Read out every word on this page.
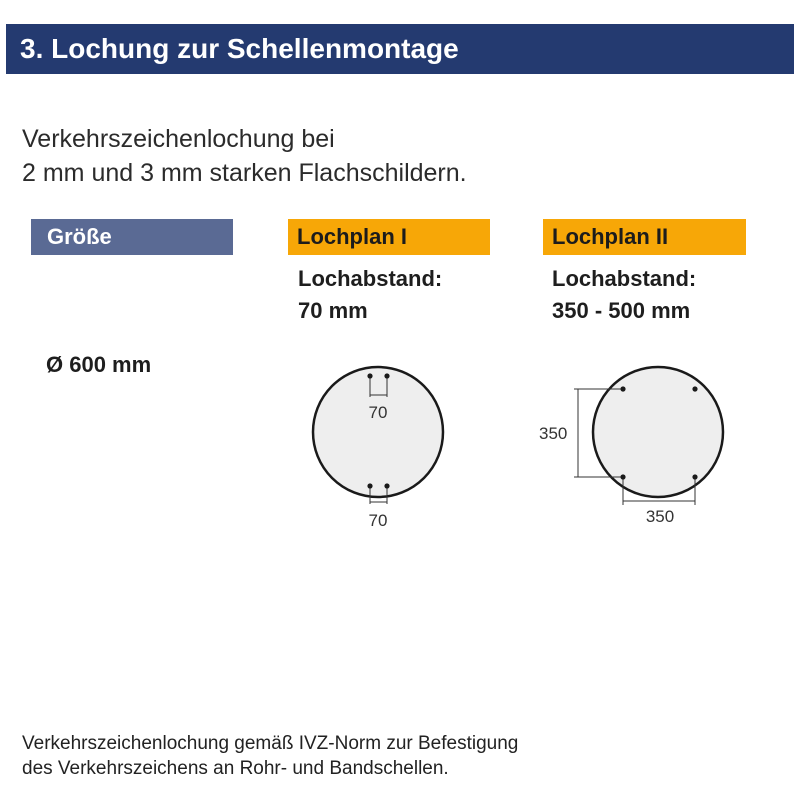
3. Lochung zur Schellenmontage
Verkehrszeichenlochung bei
2 mm und 3 mm starken Flachschildern.
Größe	Lochplan I	Lochplan II
Lochabstand:
70 mm
Lochabstand:
350 - 500 mm
Ø 600 mm
70
70
350
350
Verkehrszeichenlochung gemäß IVZ-Norm zur Befestigung
des Verkehrszeichens an Rohr- und Bandschellen.
